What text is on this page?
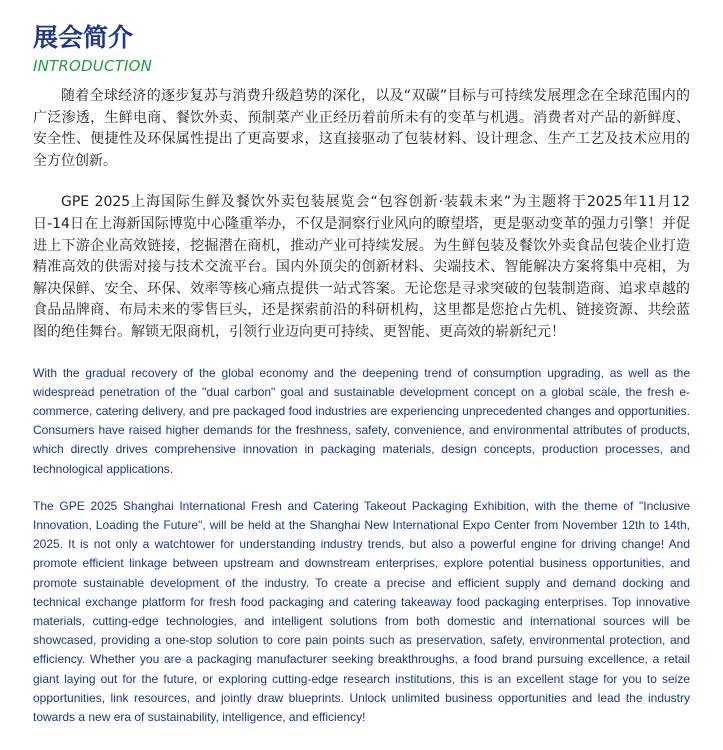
展会简介
INTRODUCTION

随着全球经济的逐步复苏与消费升级趋势的深化，以及“双碳”目标与可持续发展理念在全球范围内的广泛渗透，生鲜电商、餐饮外卖、预制菜产业正经历着前所未有的变革与机遇。消费者对产品的新鲜度、安全性、便捷性及环保属性提出了更高要求，这直接驱动了包装材料、设计理念、生产工艺及技术应用的全方位创新。

GPE 2025上海国际生鲜及餐饮外卖包装展览会“包容创新·装载未来”为主题将于2025年11月12日-14日在上海新国际博览中心隆重举办，不仅是洞察行业风向的瞭望塔，更是驱动变革的强力引擎！并促进上下游企业高效链接，挖掘潜在商机，推动产业可持续发展。为生鲜包装及餐饮外卖食品包装企业打造精准高效的供需对接与技术交流平台。国内外顶尖的创新材料、尖端技术、智能解决方案将集中亮相，为解决保鲜、安全、环保、效率等核心痛点提供一站式答案。无论您是寻求突破的包装制造商、追求卓越的食品品牌商、布局未来的零售巨头，还是探索前沿的科研机构，这里都是您抢占先机、链接资源、共绘蓝图的绝佳舞台。解锁无限商机，引领行业迈向更可持续、更智能、更高效的崭新纪元！

With the gradual recovery of the global economy and the deepening trend of consumption upgrading, as well as the widespread penetration of the "dual carbon" goal and sustainable development concept on a global scale, the fresh e-commerce, catering delivery, and pre packaged food industries are experiencing unprecedented changes and opportunities. Consumers have raised higher demands for the freshness, safety, convenience, and environmental attributes of products, which directly drives comprehensive innovation in packaging materials, design concepts, production processes, and technological applications.

The GPE 2025 Shanghai International Fresh and Catering Takeout Packaging Exhibition, with the theme of "Inclusive Innovation, Loading the Future", will be held at the Shanghai New International Expo Center from November 12th to 14th, 2025. It is not only a watchtower for understanding industry trends, but also a powerful engine for driving change! And promote efficient linkage between upstream and downstream enterprises, explore potential business opportunities, and promote sustainable development of the industry. To create a precise and efficient supply and demand docking and technical exchange platform for fresh food packaging and catering takeaway food packaging enterprises. Top innovative materials, cutting-edge technologies, and intelligent solutions from both domestic and international sources will be showcased, providing a one-stop solution to core pain points such as preservation, safety, environmental protection, and efficiency. Whether you are a packaging manufacturer seeking breakthroughs, a food brand pursuing excellence, a retail giant laying out for the future, or exploring cutting-edge research institutions, this is an excellent stage for you to seize opportunities, link resources, and jointly draw blueprints. Unlock unlimited business opportunities and lead the industry towards a new era of sustainability, intelligence, and efficiency!
